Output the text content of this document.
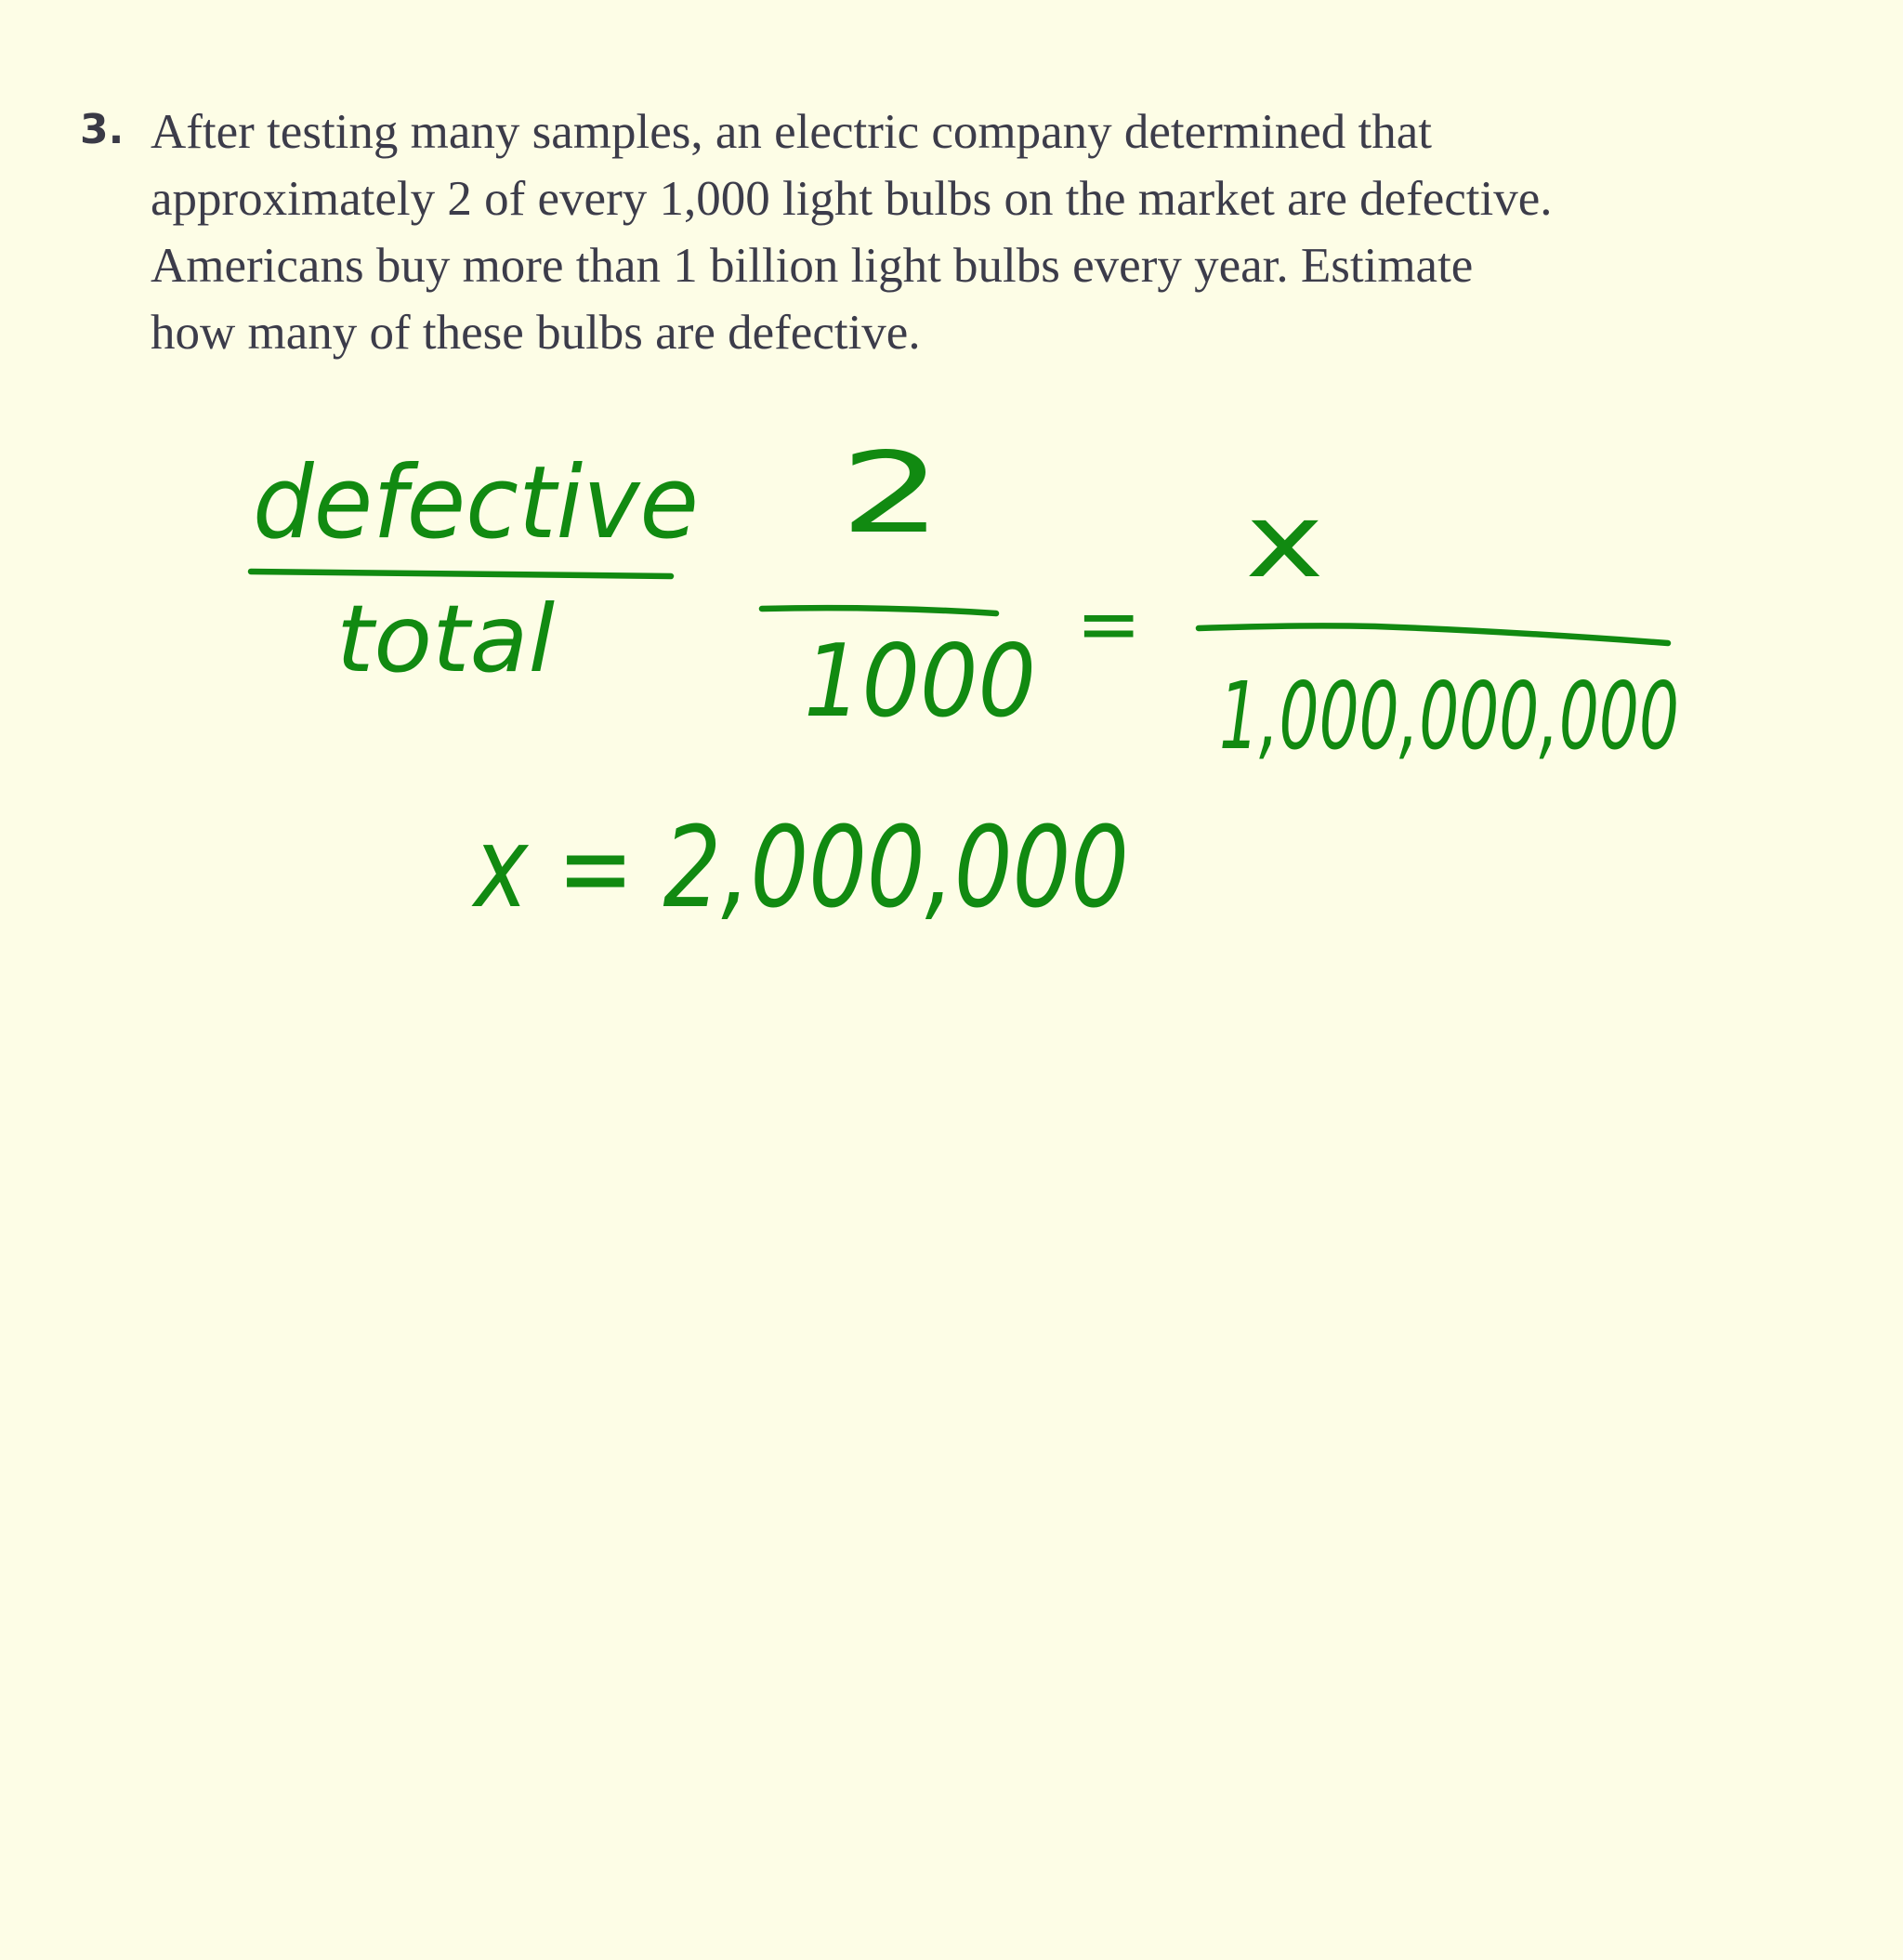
3. After testing many samples, an electric company determined that
approximately 2 of every 1,000 light bulbs on the market are defective.
Americans buy more than 1 billion light bulbs every year. Estimate
how many of these bulbs are defective.
defective
total
2
1000 =
x
1,000,000,000
x = 2,000,000
